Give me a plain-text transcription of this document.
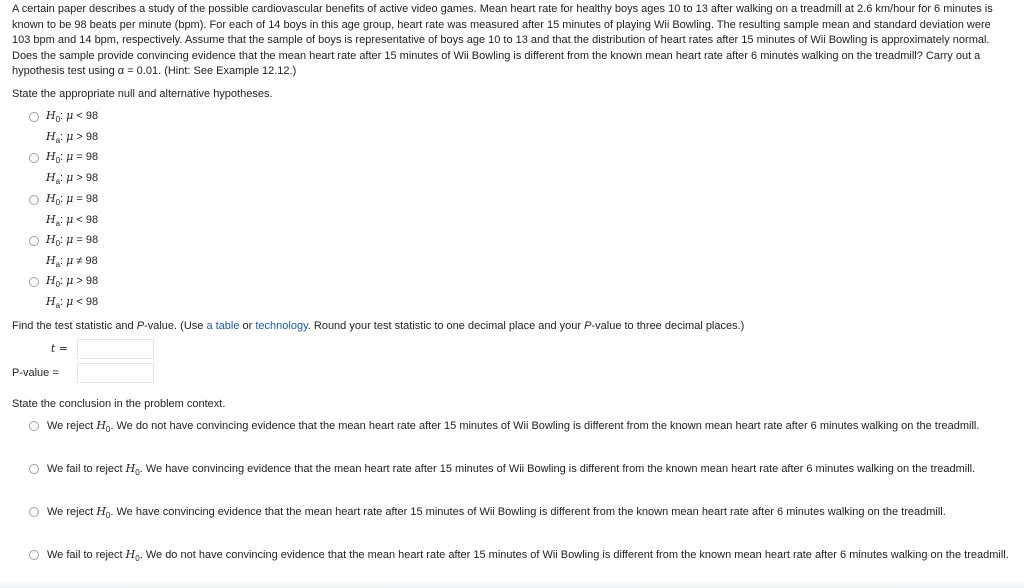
A certain paper describes a study of the possible cardiovascular benefits of active video games. Mean heart rate for healthy boys ages 10 to 13 after walking on a treadmill at 2.6 km/hour for 6 minutes is known to be 98 beats per minute (bpm). For each of 14 boys in this age group, heart rate was measured after 15 minutes of playing Wii Bowling. The resulting sample mean and standard deviation were 103 bpm and 14 bpm, respectively. Assume that the sample of boys is representative of boys age 10 to 13 and that the distribution of heart rates after 15 minutes of Wii Bowling is approximately normal. Does the sample provide convincing evidence that the mean heart rate after 15 minutes of Wii Bowling is different from the known mean heart rate after 6 minutes walking on the treadmill? Carry out a hypothesis test using α = 0.01. (Hint: See Example 12.12.)
State the appropriate null and alternative hypotheses.
$H_0$: μ < 98
$H_a$: μ > 98
$H_0$: μ = 98
$H_a$: μ > 98
$H_0$: μ = 98
$H_a$: μ < 98
$H_0$: μ = 98
$H_a$: μ ≠ 98
$H_0$: μ > 98
$H_a$: μ < 98
Find the test statistic and P-value. (Use a table or technology. Round your test statistic to one decimal place and your P-value to three decimal places.)
t =
P-value =
State the conclusion in the problem context.
We reject $H_0$. We do not have convincing evidence that the mean heart rate after 15 minutes of Wii Bowling is different from the known mean heart rate after 6 minutes walking on the treadmill.
We fail to reject $H_0$. We have convincing evidence that the mean heart rate after 15 minutes of Wii Bowling is different from the known mean heart rate after 6 minutes walking on the treadmill.
We reject $H_0$. We have convincing evidence that the mean heart rate after 15 minutes of Wii Bowling is different from the known mean heart rate after 6 minutes walking on the treadmill.
We fail to reject $H_0$. We do not have convincing evidence that the mean heart rate after 15 minutes of Wii Bowling is different from the known mean heart rate after 6 minutes walking on the treadmill.
